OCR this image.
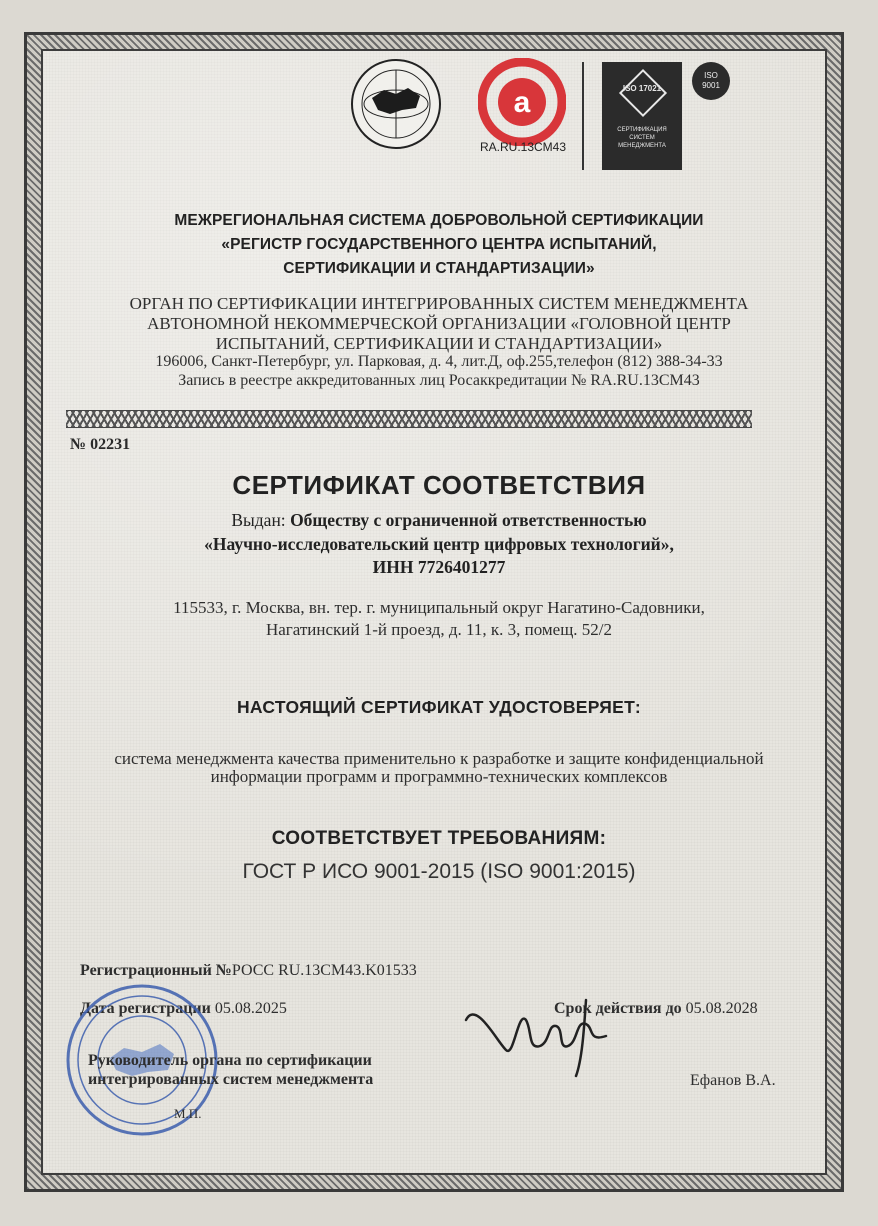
a
RA.RU.13CM43
ISO 17021
СЕРТИФИКАЦИЯ СИСТЕМ МЕНЕДЖМЕНТА
ISO
9001
МЕЖРЕГИОНАЛЬНАЯ СИСТЕМА ДОБРОВОЛЬНОЙ СЕРТИФИКАЦИИ
«РЕГИСТР ГОСУДАРСТВЕННОГО ЦЕНТРА ИСПЫТАНИЙ,
СЕРТИФИКАЦИИ И СТАНДАРТИЗАЦИИ»
ОРГАН ПО СЕРТИФИКАЦИИ ИНТЕГРИРОВАННЫХ СИСТЕМ МЕНЕДЖМЕНТА
АВТОНОМНОЙ НЕКОММЕРЧЕСКОЙ ОРГАНИЗАЦИИ «ГОЛОВНОЙ ЦЕНТР
ИСПЫТАНИЙ, СЕРТИФИКАЦИИ И СТАНДАРТИЗАЦИИ»
196006, Санкт-Петербург, ул. Парковая, д. 4, лит.Д, оф.255,телефон (812) 388-34-33
Запись в реестре аккредитованных лиц Росаккредитации № RA.RU.13CM43
№ 02231
СЕРТИФИКАТ СООТВЕТСТВИЯ
Выдан: Обществу с ограниченной ответственностью
«Научно-исследовательский центр цифровых технологий»,
ИНН 7726401277
115533, г. Москва, вн. тер. г. муниципальный округ Нагатино-Садовники,
Нагатинский 1-й проезд, д. 11, к. 3, помещ. 52/2
НАСТОЯЩИЙ СЕРТИФИКАТ УДОСТОВЕРЯЕТ:
система менеджмента качества применительно к разработке и защите конфиденциальной
информации программ и программно-технических комплексов
СООТВЕТСТВУЕТ ТРЕБОВАНИЯМ:
ГОСТ Р ИСО 9001-2015 (ISO 9001:2015)
Регистрационный №РОСС RU.13CM43.K01533
Дата регистрации 05.08.2025	Срок действия до 05.08.2028
Руководитель органа по сертификации
интегрированных систем менеджмента
М.П.
Ефанов В.А.
